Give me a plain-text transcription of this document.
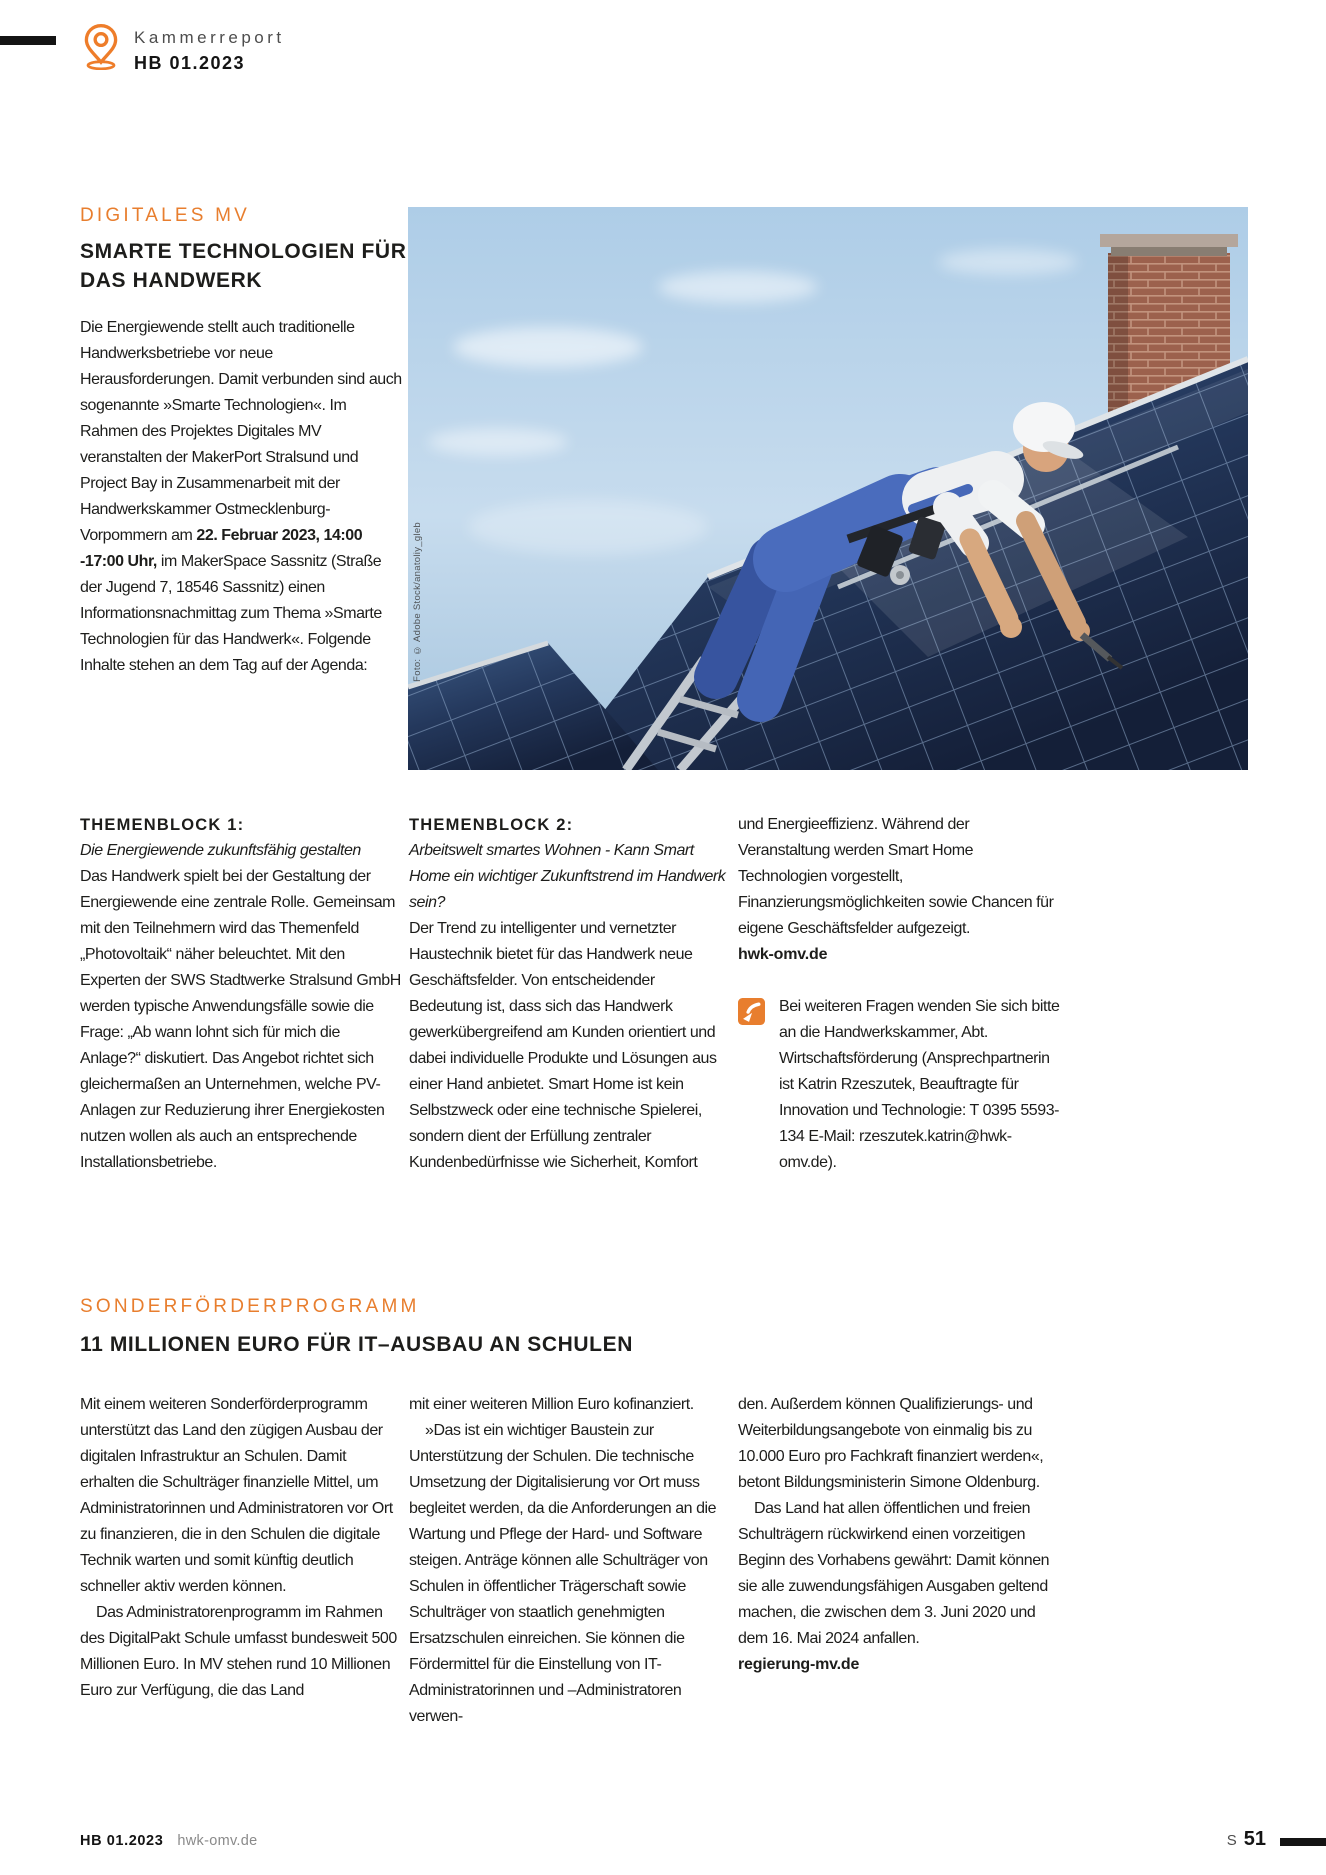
Kammerreport
HB 01.2023
DIGITALES MV
SMARTE TECHNOLOGIEN FÜR DAS HANDWERK

Die Energiewende stellt auch traditionelle Handwerksbetriebe vor neue Herausforderungen. Damit verbunden sind auch sogenannte »Smarte Technologien«. Im Rahmen des Projektes Digitales MV veranstalten der MakerPort Stralsund und Project Bay in Zusammenarbeit mit der Handwerkskammer Ostmecklenburg-Vorpommern am 22. Februar 2023, 14:00 -17:00 Uhr, im MakerSpace Sassnitz (Straße der Jugend 7, 18546 Sassnitz) einen Informationsnachmittag zum Thema »Smarte Technologien für das Handwerk«. Folgende Inhalte stehen an dem Tag auf der Agenda:	Foto: © Adobe Stock/anatoliy_gleb

THEMENBLOCK 1:

Die Energiewende zukunftsfähig gestalten

Das Handwerk spielt bei der Gestaltung der Energiewende eine zentrale Rolle. Gemeinsam mit den Teilnehmern wird das Themenfeld „Photovoltaik“ näher beleuchtet. Mit den Experten der SWS Stadtwerke Stralsund GmbH werden typische Anwendungsfälle sowie die Frage: „Ab wann lohnt sich für mich die Anlage?“ diskutiert. Das Angebot richtet sich gleichermaßen an Unternehmen, welche PV-Anlagen zur Reduzierung ihrer Energiekosten nutzen wollen als auch an entsprechende Installationsbetriebe.

THEMENBLOCK 2:

Arbeitswelt smartes Wohnen - Kann Smart Home ein wichtiger Zukunftstrend im Handwerk sein?

Der Trend zu intelligenter und vernetzter Haustechnik bietet für das Handwerk neue Geschäftsfelder. Von entscheidender Bedeutung ist, dass sich das Handwerk gewerkübergreifend am Kunden orientiert und dabei individuelle Produkte und Lösungen aus einer Hand anbietet. Smart Home ist kein Selbstzweck oder eine technische Spielerei, sondern dient der Erfüllung zentraler Kundenbedürfnisse wie Sicherheit, Komfort

und Energieeffizienz. Während der Veranstaltung werden Smart Home Technologien vorgestellt, Finanzierungsmöglichkeiten sowie Chancen für eigene Geschäftsfelder aufgezeigt.

hwk-omv.de

Bei weiteren Fragen wenden Sie sich bitte an die Handwerkskammer, Abt. Wirtschaftsförderung (Ansprechpartnerin ist Katrin Rzeszutek, Beauftragte für Innovation und Technologie: T 0395 5593-134 E-Mail: rzeszutek.katrin@hwk-omv.de).
SONDERFÖRDERPROGRAMM
11 MILLIONEN EURO FÜR IT–AUSBAU AN SCHULEN

Mit einem weiteren Sonderförderprogramm unterstützt das Land den zügigen Ausbau der digitalen Infrastruktur an Schulen. Damit erhalten die Schulträger finanzielle Mittel, um Administratorinnen und Administratoren vor Ort zu finanzieren, die in den Schulen die digitale Technik warten und somit künftig deutlich schneller aktiv werden können.

Das Administratorenprogramm im Rahmen des DigitalPakt Schule umfasst bundesweit 500 Millionen Euro. In MV stehen rund 10 Millionen Euro zur Verfügung, die das Land

mit einer weiteren Million Euro kofinanziert.

»Das ist ein wichtiger Baustein zur Unterstützung der Schulen. Die technische Umsetzung der Digitalisierung vor Ort muss begleitet werden, da die Anforderungen an die Wartung und Pflege der Hard- und Software steigen. Anträge können alle Schulträger von Schulen in öffentlicher Trägerschaft sowie Schulträger von staatlich genehmigten Ersatzschulen einreichen. Sie können die Fördermittel für die Einstellung von IT-Administratorinnen und –Administratoren verwen-

den. Außerdem können Qualifizierungs- und Weiterbildungsangebote von einmalig bis zu 10.000 Euro pro Fachkraft finanziert werden«, betont Bildungsministerin Simone Oldenburg.

Das Land hat allen öffentlichen und freien Schulträgern rückwirkend einen vorzeitigen Beginn des Vorhabens gewährt: Damit können sie alle zuwendungsfähigen Ausgaben geltend machen, die zwischen dem 3. Juni 2020 und dem 16. Mai 2024 anfallen.

regierung-mv.de

HB 01.2023 hwk-omv.de	S 51
